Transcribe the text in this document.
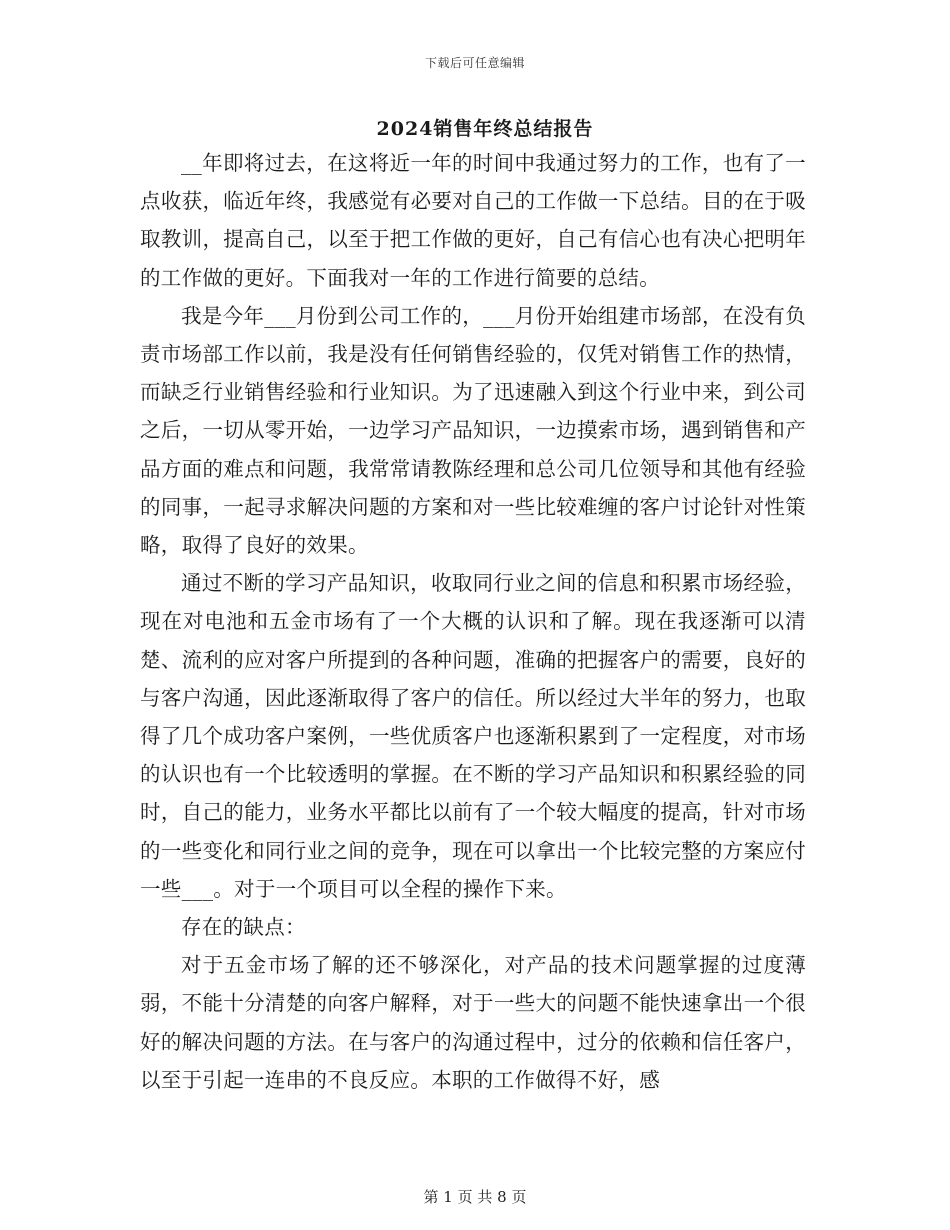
下载后可任意编辑
2024销售年终总结报告

__年即将过去，在这将近一年的时间中我通过努力的工作，也有了一点收获，临近年终，我感觉有必要对自己的工作做一下总结。目的在于吸取教训，提高自己，以至于把工作做的更好，自己有信心也有决心把明年的工作做的更好。下面我对一年的工作进行简要的总结。

我是今年___月份到公司工作的，___月份开始组建市场部，在没有负责市场部工作以前，我是没有任何销售经验的，仅凭对销售工作的热情，而缺乏行业销售经验和行业知识。为了迅速融入到这个行业中来，到公司之后，一切从零开始，一边学习产品知识，一边摸索市场，遇到销售和产品方面的难点和问题，我常常请教陈经理和总公司几位领导和其他有经验的同事，一起寻求解决问题的方案和对一些比较难缠的客户讨论针对性策略，取得了良好的效果。

通过不断的学习产品知识，收取同行业之间的信息和积累市场经验，现在对电池和五金市场有了一个大概的认识和了解。现在我逐渐可以清楚、流利的应对客户所提到的各种问题，准确的把握客户的需要，良好的与客户沟通，因此逐渐取得了客户的信任。所以经过大半年的努力，也取得了几个成功客户案例，一些优质客户也逐渐积累到了一定程度，对市场的认识也有一个比较透明的掌握。在不断的学习产品知识和积累经验的同时，自己的能力，业务水平都比以前有了一个较大幅度的提高，针对市场的一些变化和同行业之间的竞争，现在可以拿出一个比较完整的方案应付一些___。对于一个项目可以全程的操作下来。

存在的缺点：

对于五金市场了解的还不够深化，对产品的技术问题掌握的过度薄弱，不能十分清楚的向客户解释，对于一些大的问题不能快速拿出一个很好的解决问题的方法。在与客户的沟通过程中，过分的依赖和信任客户，以至于引起一连串的不良反应。本职的工作做得不好，感

第 1 页 共 8 页
